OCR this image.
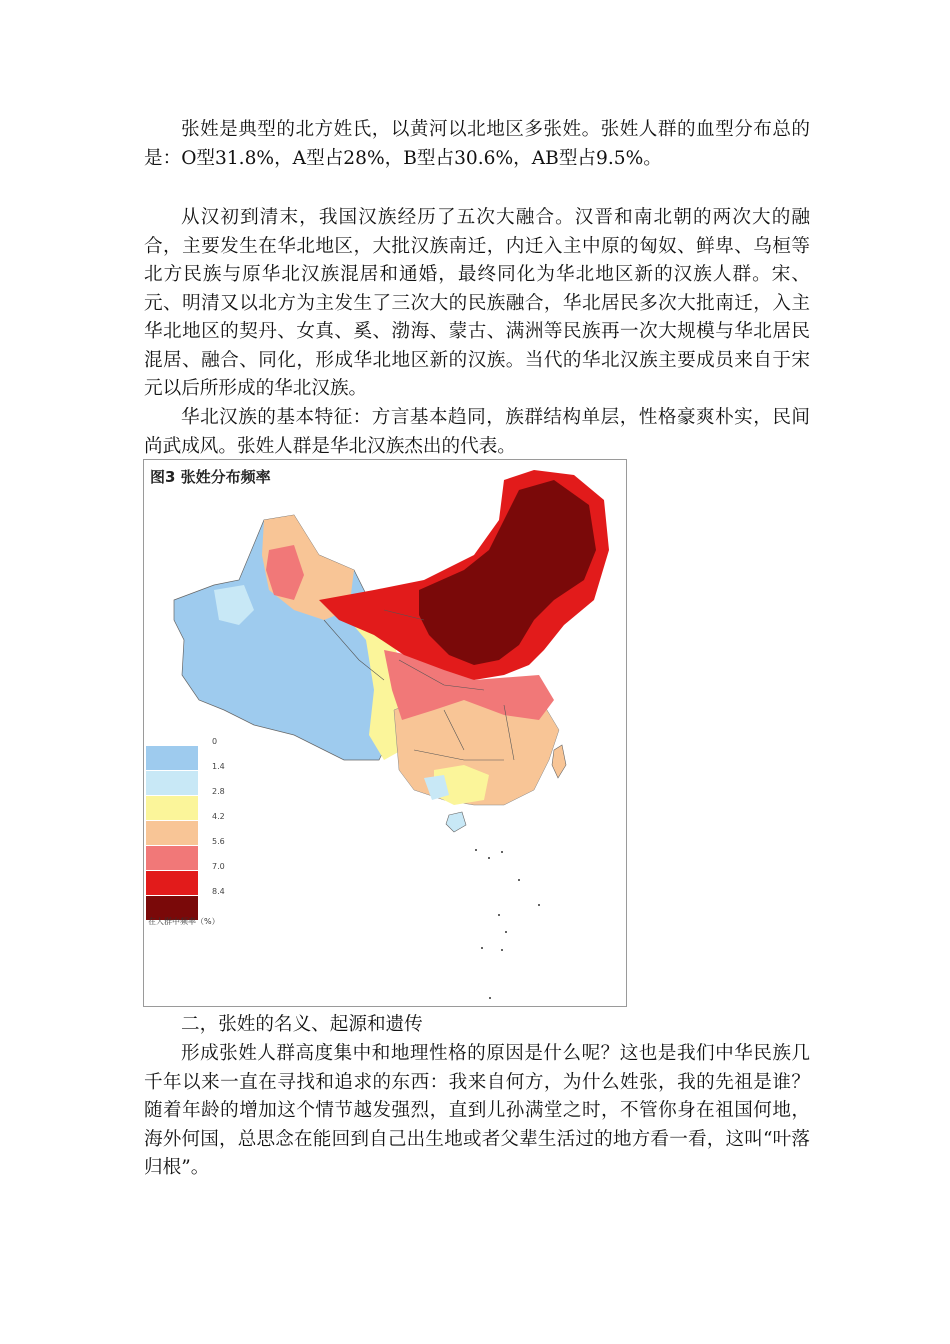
张姓是典型的北方姓氏，以黄河以北地区多张姓。张姓人群的血型分布总的是：O型31.8%，A型占28%，B型占30.6%，AB型占9.5%。

从汉初到清末，我国汉族经历了五次大融合。汉晋和南北朝的两次大的融合，主要发生在华北地区，大批汉族南迁，内迁入主中原的匈奴、鲜卑、乌桓等北方民族与原华北汉族混居和通婚，最终同化为华北地区新的汉族人群。宋、元、明清又以北方为主发生了三次大的民族融合，华北居民多次大批南迁，入主华北地区的契丹、女真、奚、渤海、蒙古、满洲等民族再一次大规模与华北居民混居、融合、同化，形成华北地区新的汉族。当代的华北汉族主要成员来自于宋元以后所形成的华北汉族。

华北汉族的基本特征：方言基本趋同，族群结构单层，性格豪爽朴实，民间尚武成风。张姓人群是华北汉族杰出的代表。

图3 张姓分布频率

0
1.4
2.8
4.2
5.6
7.0
8.4
在人群中频率（%）

二，张姓的名义、起源和遗传

形成张姓人群高度集中和地理性格的原因是什么呢？这也是我们中华民族几千年以来一直在寻找和追求的东西：我来自何方，为什么姓张，我的先祖是谁？随着年龄的增加这个情节越发强烈，直到儿孙满堂之时，不管你身在祖国何地，海外何国，总思念在能回到自己出生地或者父辈生活过的地方看一看，这叫“叶落归根”。
